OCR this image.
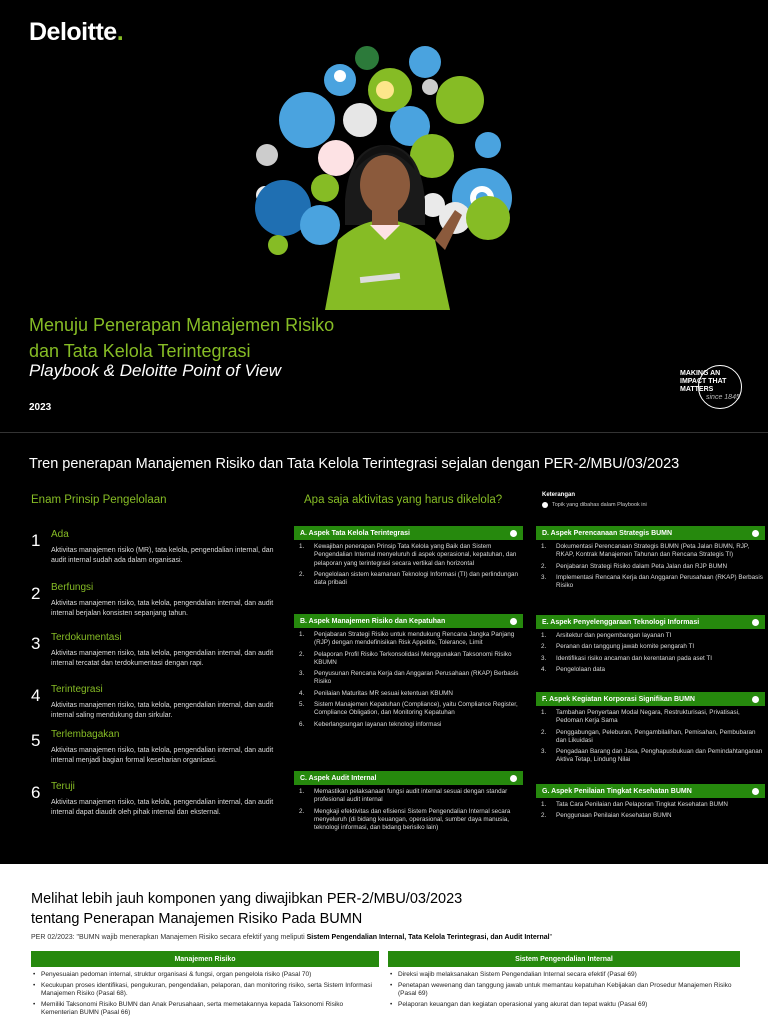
Deloitte.
Menuju Penerapan Manajemen Risiko
dan Tata Kelola Terintegrasi
Playbook & Deloitte Point of View
2023
MAKING AN
IMPACT THAT
MATTERS
since 1845
Tren penerapan Manajemen Risiko dan Tata Kelola Terintegrasi sejalan dengan PER-2/MBU/03/2023
Enam Prinsip Pengelolaan	Apa saja aktivitas yang harus dikelola?	Keterangan
Topik yang dibahas dalam Playbook ini
1 Ada
Aktivitas manajemen risiko (MR), tata kelola, pengendalian internal, dan audit internal sudah ada dalam organisasi.
2 Berfungsi
Aktivitas manajemen risiko, tata kelola, pengendalian internal, dan audit internal berjalan konsisten sepanjang tahun.
3 Terdokumentasi
Aktivitas manajemen risiko, tata kelola, pengendalian internal, dan audit internal tercatat dan terdokumentasi dengan rapi.
4 Terintegrasi
Aktivitas manajemen risiko, tata kelola, pengendalian internal, dan audit internal saling mendukung dan sirkular.
5 Terlembagakan
Aktivitas manajemen risiko, tata kelola, pengendalian internal, dan audit internal menjadi bagian formal keseharian organisasi.
6 Teruji
Aktivitas manajemen risiko, tata kelola, pengendalian internal, dan audit internal dapat diaudit oleh pihak internal dan eksternal.
A. Aspek Tata Kelola Terintegrasi
1. Kewajiban penerapan Prinsip Tata Kelola yang Baik dan Sistem Pengendalian Internal menyeluruh di aspek operasional, kepatuhan, dan pelaporan yang terintegrasi secara vertikal dan horizontal
2. Pengelolaan sistem keamanan Teknologi Informasi (TI) dan perlindungan data pribadi
B. Aspek Manajemen Risiko dan Kepatuhan
1. Penjabaran Strategi Risiko untuk mendukung Rencana Jangka Panjang (RJP) dengan mendefinisikan Risk Appetite, Tolerance, Limit
2. Pelaporan Profil Risiko Terkonsolidasi Menggunakan Taksonomi Risiko KBUMN
3. Penyusunan Rencana Kerja dan Anggaran Perusahaan (RKAP) Berbasis Risiko
4. Penilaian Maturitas MR sesuai ketentuan KBUMN
5. Sistem Manajemen Kepatuhan (Compliance), yaitu Compliance Register, Compliance Obligation, dan Monitoring Kepatuhan
6. Keberlangsungan layanan teknologi informasi
C. Aspek Audit Internal
1. Memastikan pelaksanaan fungsi audit internal sesuai dengan standar profesional audit internal
2. Mengkaji efektivitas dan efisiensi Sistem Pengendalian Internal secara menyeluruh (di bidang keuangan, operasional, sumber daya manusia, teknologi informasi, dan bidang berisiko lain)
D. Aspek Perencanaan Strategis BUMN
1. Dokumentasi Perencanaan Strategis BUMN (Peta Jalan BUMN, RJP, RKAP, Kontrak Manajemen Tahunan dan Rencana Strategis TI)
2. Penjabaran Strategi Risiko dalam Peta Jalan dan RJP BUMN
3. Implementasi Rencana Kerja dan Anggaran Perusahaan (RKAP) Berbasis Risiko
E. Aspek Penyelenggaraan Teknologi Informasi
1. Arsitektur dan pengembangan layanan TI
2. Peranan dan tanggung jawab komite pengarah TI
3. Identifikasi risiko ancaman dan kerentanan pada aset TI
4. Pengelolaan data
F. Aspek Kegiatan Korporasi Signifikan BUMN
1. Tambahan Penyertaan Modal Negara, Restrukturisasi, Privatisasi, Pedoman Kerja Sama
2. Penggabungan, Peleburan, Pengambilalihan, Pemisahan, Pembubaran dan Likuidasi
3. Pengadaan Barang dan Jasa, Penghapusbukuan dan Pemindahtanganan Aktiva Tetap, Lindung Nilai
G. Aspek Penilaian Tingkat Kesehatan BUMN
1. Tata Cara Penilaian dan Pelaporan Tingkat Kesehatan BUMN
2. Penggunaan Penilaian Kesehatan BUMN
Melihat lebih jauh komponen yang diwajibkan PER-2/MBU/03/2023
tentang Penerapan Manajemen Risiko Pada BUMN
PER 02/2023: "BUMN wajib menerapkan Manajemen Risiko secara efektif yang meliputi Sistem Pengendalian Internal, Tata Kelola Terintegrasi, dan Audit Internal"
Manajemen Risiko	Sistem Pengendalian Internal
• Penyesuaian pedoman internal, struktur organisasi & fungsi, organ pengelola risiko (Pasal 70)
• Kecukupan proses identifikasi, pengukuran, pengendalian, pelaporan, dan monitoring risiko, serta Sistem Informasi Manajemen Risiko (Pasal 68).
• Memiliki Taksonomi Risiko BUMN dan Anak Perusahaan, serta memetakannya kepada Taksonomi Risiko Kementerian BUMN (Pasal 66)
• Direksi wajib melaksanakan Sistem Pengendalian Internal secara efektif (Pasal 69)
• Penetapan wewenang dan tanggung jawab untuk memantau kepatuhan Kebijakan dan Prosedur Manajemen Risiko (Pasal 69)
• Pelaporan keuangan dan kegiatan operasional yang akurat dan tepat waktu (Pasal 69)
